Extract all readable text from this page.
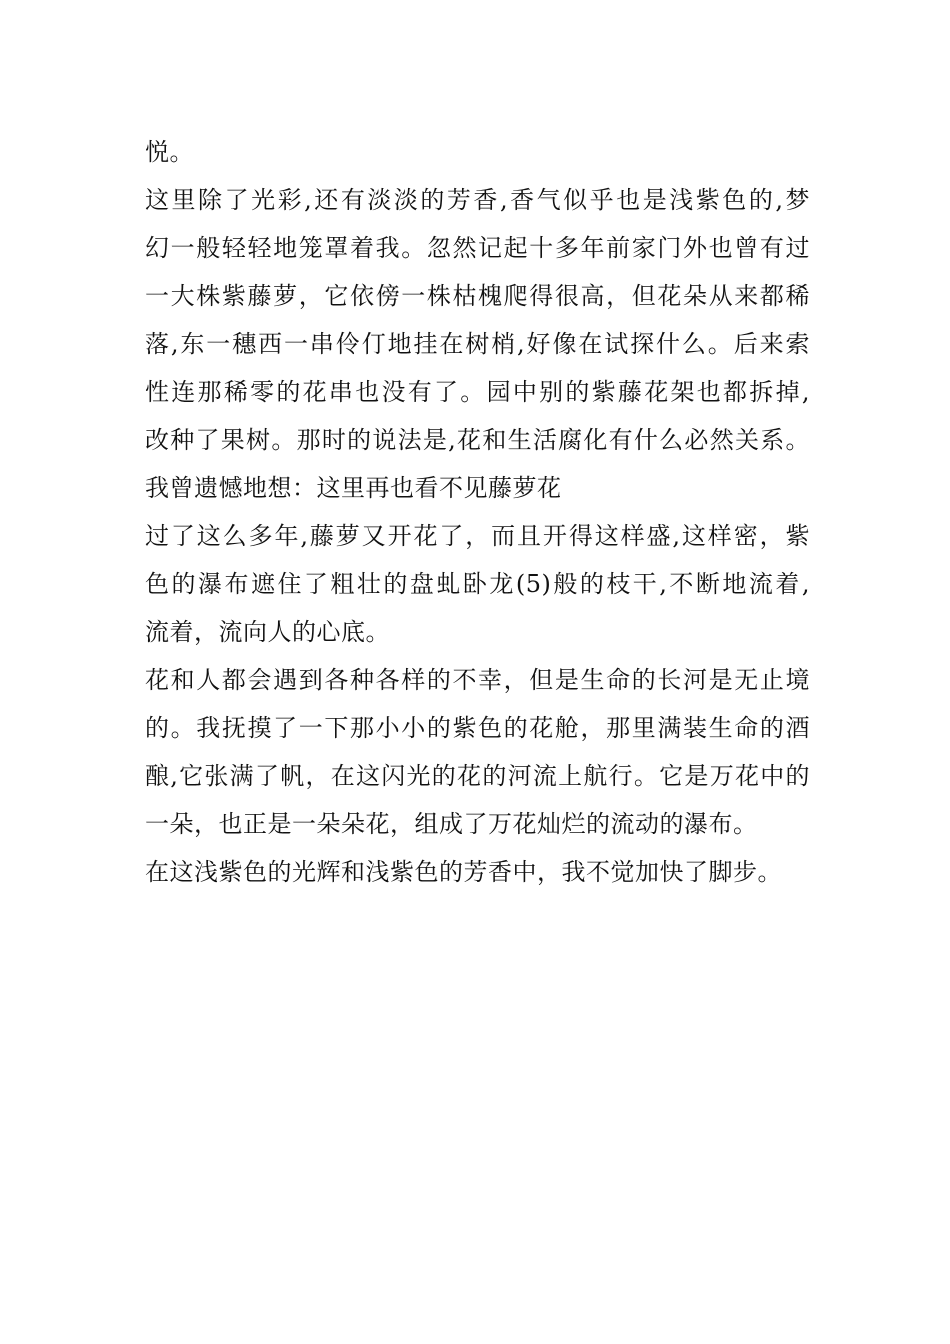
悦。
这里除了光彩,还有淡淡的芳香,香气似乎也是浅紫色的,梦
幻一般轻轻地笼罩着我。忽然记起十多年前家门外也曾有过
一大株紫藤萝，它依傍一株枯槐爬得很高，但花朵从来都稀
落,东一穗西一串伶仃地挂在树梢,好像在试探什么。后来索
性连那稀零的花串也没有了。园中别的紫藤花架也都拆掉,
改种了果树。那时的说法是,花和生活腐化有什么必然关系。
我曾遗憾地想：这里再也看不见藤萝花
过了这么多年,藤萝又开花了，而且开得这样盛,这样密，紫
色的瀑布遮住了粗壮的盘虬卧龙(5)般的枝干,不断地流着,
流着，流向人的心底。
花和人都会遇到各种各样的不幸，但是生命的长河是无止境
的。我抚摸了一下那小小的紫色的花舱，那里满装生命的酒
酿,它张满了帆，在这闪光的花的河流上航行。它是万花中的
一朵，也正是一朵朵花，组成了万花灿烂的流动的瀑布。
在这浅紫色的光辉和浅紫色的芳香中，我不觉加快了脚步。
